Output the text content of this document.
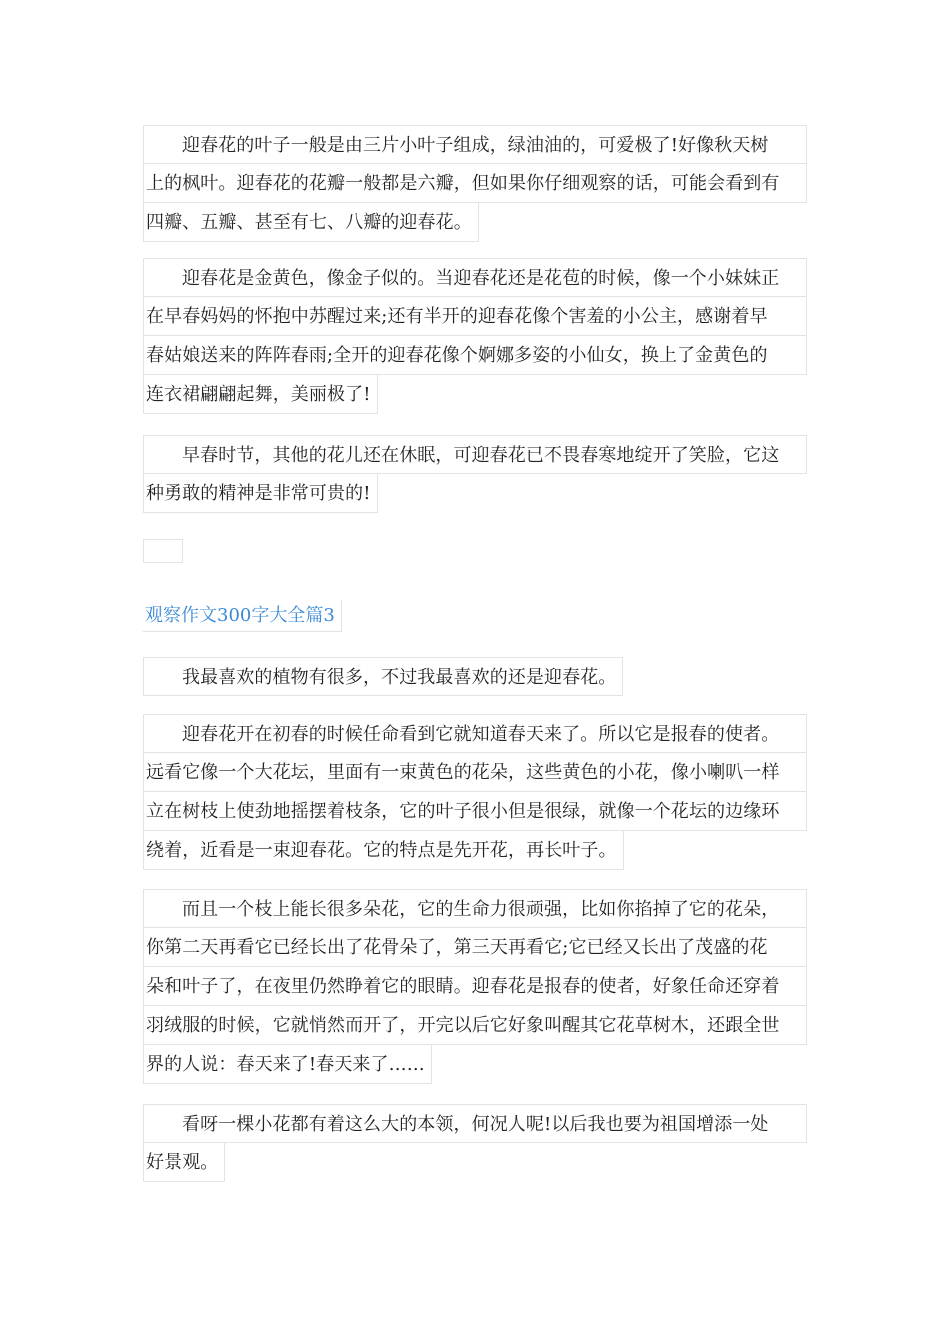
迎春花的叶子一般是由三片小叶子组成，绿油油的，可爱极了!好像秋天树
上的枫叶。迎春花的花瓣一般都是六瓣，但如果你仔细观察的话，可能会看到有
四瓣、五瓣、甚至有七、八瓣的迎春花。
迎春花是金黄色，像金子似的。当迎春花还是花苞的时候，像一个小妹妹正
在早春妈妈的怀抱中苏醒过来;还有半开的迎春花像个害羞的小公主，感谢着早
春姑娘送来的阵阵春雨;全开的迎春花像个婀娜多姿的小仙女，换上了金黄色的
连衣裙翩翩起舞，美丽极了!
早春时节，其他的花儿还在休眠，可迎春花已不畏春寒地绽开了笑脸，它这
种勇敢的精神是非常可贵的!
观察作文300字大全篇3
我最喜欢的植物有很多，不过我最喜欢的还是迎春花。
迎春花开在初春的时候任命看到它就知道春天来了。所以它是报春的使者。
远看它像一个大花坛，里面有一束黄色的花朵，这些黄色的小花，像小喇叭一样
立在树枝上使劲地摇摆着枝条，它的叶子很小但是很绿，就像一个花坛的边缘环
绕着，近看是一束迎春花。它的特点是先开花，再长叶子。
而且一个枝上能长很多朵花，它的生命力很顽强，比如你掐掉了它的花朵，
你第二天再看它已经长出了花骨朵了，第三天再看它;它已经又长出了茂盛的花
朵和叶子了，在夜里仍然睁着它的眼睛。迎春花是报春的使者，好象任命还穿着
羽绒服的时候，它就悄然而开了，开完以后它好象叫醒其它花草树木，还跟全世
界的人说：春天来了!春天来了……
看呀一棵小花都有着这么大的本领，何况人呢!以后我也要为祖国增添一处
好景观。
